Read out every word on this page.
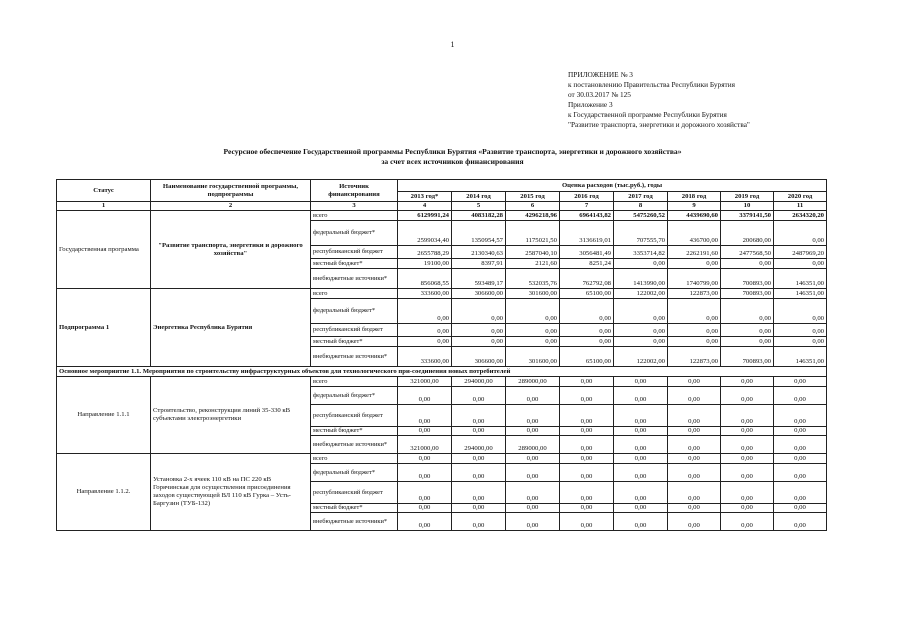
1
ПРИЛОЖЕНИЕ № 3
к постановлению Правительства Республики Бурятия
от 30.03.2017 № 125
Приложение 3
к Государственной программе Республики Бурятия
"Развитие транспорта, энергетики и дорожного хозяйства"
Ресурсное обеспечение Государственной программы Республики Бурятия «Развитие транспорта, энергетики и дорожного хозяйства»
за счет всех источников финансирования
Статус	Наименование государственной программы, подпрограммы	Источник финансирования	Оценка расходов (тыс.руб.), годы							
			2013 год*	2014 год	2015 год	2016 год	2017 год	2018 год	2019 год	2020 год
1	2	3	4	5	6	7	8	9	10	11
Государственная программа	"Развитие транспорта, энергетики и дорожного хозяйства"	всего	6129991,24	4083182,28	4296218,96	6964143,82	5475260,52	4439690,60	3379141,50	2634320,20
		федеральный бюджет*	2599034,40	1350954,57	1175021,50	3136619,01	707555,70	436700,00	200680,00	0,00
		республиканский бюджет	2655788,29	2130340,63	2587040,10	3056481,49	3353714,82	2262191,60	2477568,50	2487969,20
		местный бюджет*	19100,00	8397,91	2121,60	8251,24	0,00	0,00	0,00	0,00
		внебюджетные источники*	856068,55	593489,17	532035,76	762792,08	1413990,00	1740799,00	700893,00	146351,00
Подпрограмма 1	Энергетика Республика Бурятия	всего	333600,00	306600,00	301600,00	65100,00	122002,00	122873,00	700893,00	146351,00
		федеральный бюджет*	0,00	0,00	0,00	0,00	0,00	0,00	0,00	0,00
		республиканский бюджет	0,00	0,00	0,00	0,00	0,00	0,00	0,00	0,00
		местный бюджет*	0,00	0,00	0,00	0,00	0,00	0,00	0,00	0,00
		внебюджетные источники*	333600,00	306600,00	301600,00	65100,00	122002,00	122873,00	700893,00	146351,00
Основное мероприятие 1.1. Мероприятия по строительству инфраструктурных объектов для технологического при-соединения новых потребителей										
Направление 1.1.1	Строительство, реконструкция линий 35-330 кВ субъектами электроэнергетики	всего	321000,00	294000,00	289000,00	0,00	0,00	0,00	0,00	0,00
		федеральный бюджет*	0,00	0,00	0,00	0,00	0,00	0,00	0,00	0,00
		республиканский бюджет	0,00	0,00	0,00	0,00	0,00	0,00	0,00	0,00
		местный бюджет*	0,00	0,00	0,00	0,00	0,00	0,00	0,00	0,00
		внебюджетные источники*	321000,00	294000,00	289000,00	0,00	0,00	0,00	0,00	0,00
Направление 1.1.2.	Установка 2-х ячеек 110 кВ на ПС 220 кВ Горячинская для осуществления присоединения заходов существующей ВЛ 110 кВ Гурка – Усть-Баргузин (ТУБ-132)	всего	0,00	0,00	0,00	0,00	0,00	0,00	0,00	0,00
		федеральный бюджет*	0,00	0,00	0,00	0,00	0,00	0,00	0,00	0,00
		республиканский бюджет	0,00	0,00	0,00	0,00	0,00	0,00	0,00	0,00
		местный бюджет*	0,00	0,00	0,00	0,00	0,00	0,00	0,00	0,00
		внебюджетные источники*	0,00	0,00	0,00	0,00	0,00	0,00	0,00	0,00
